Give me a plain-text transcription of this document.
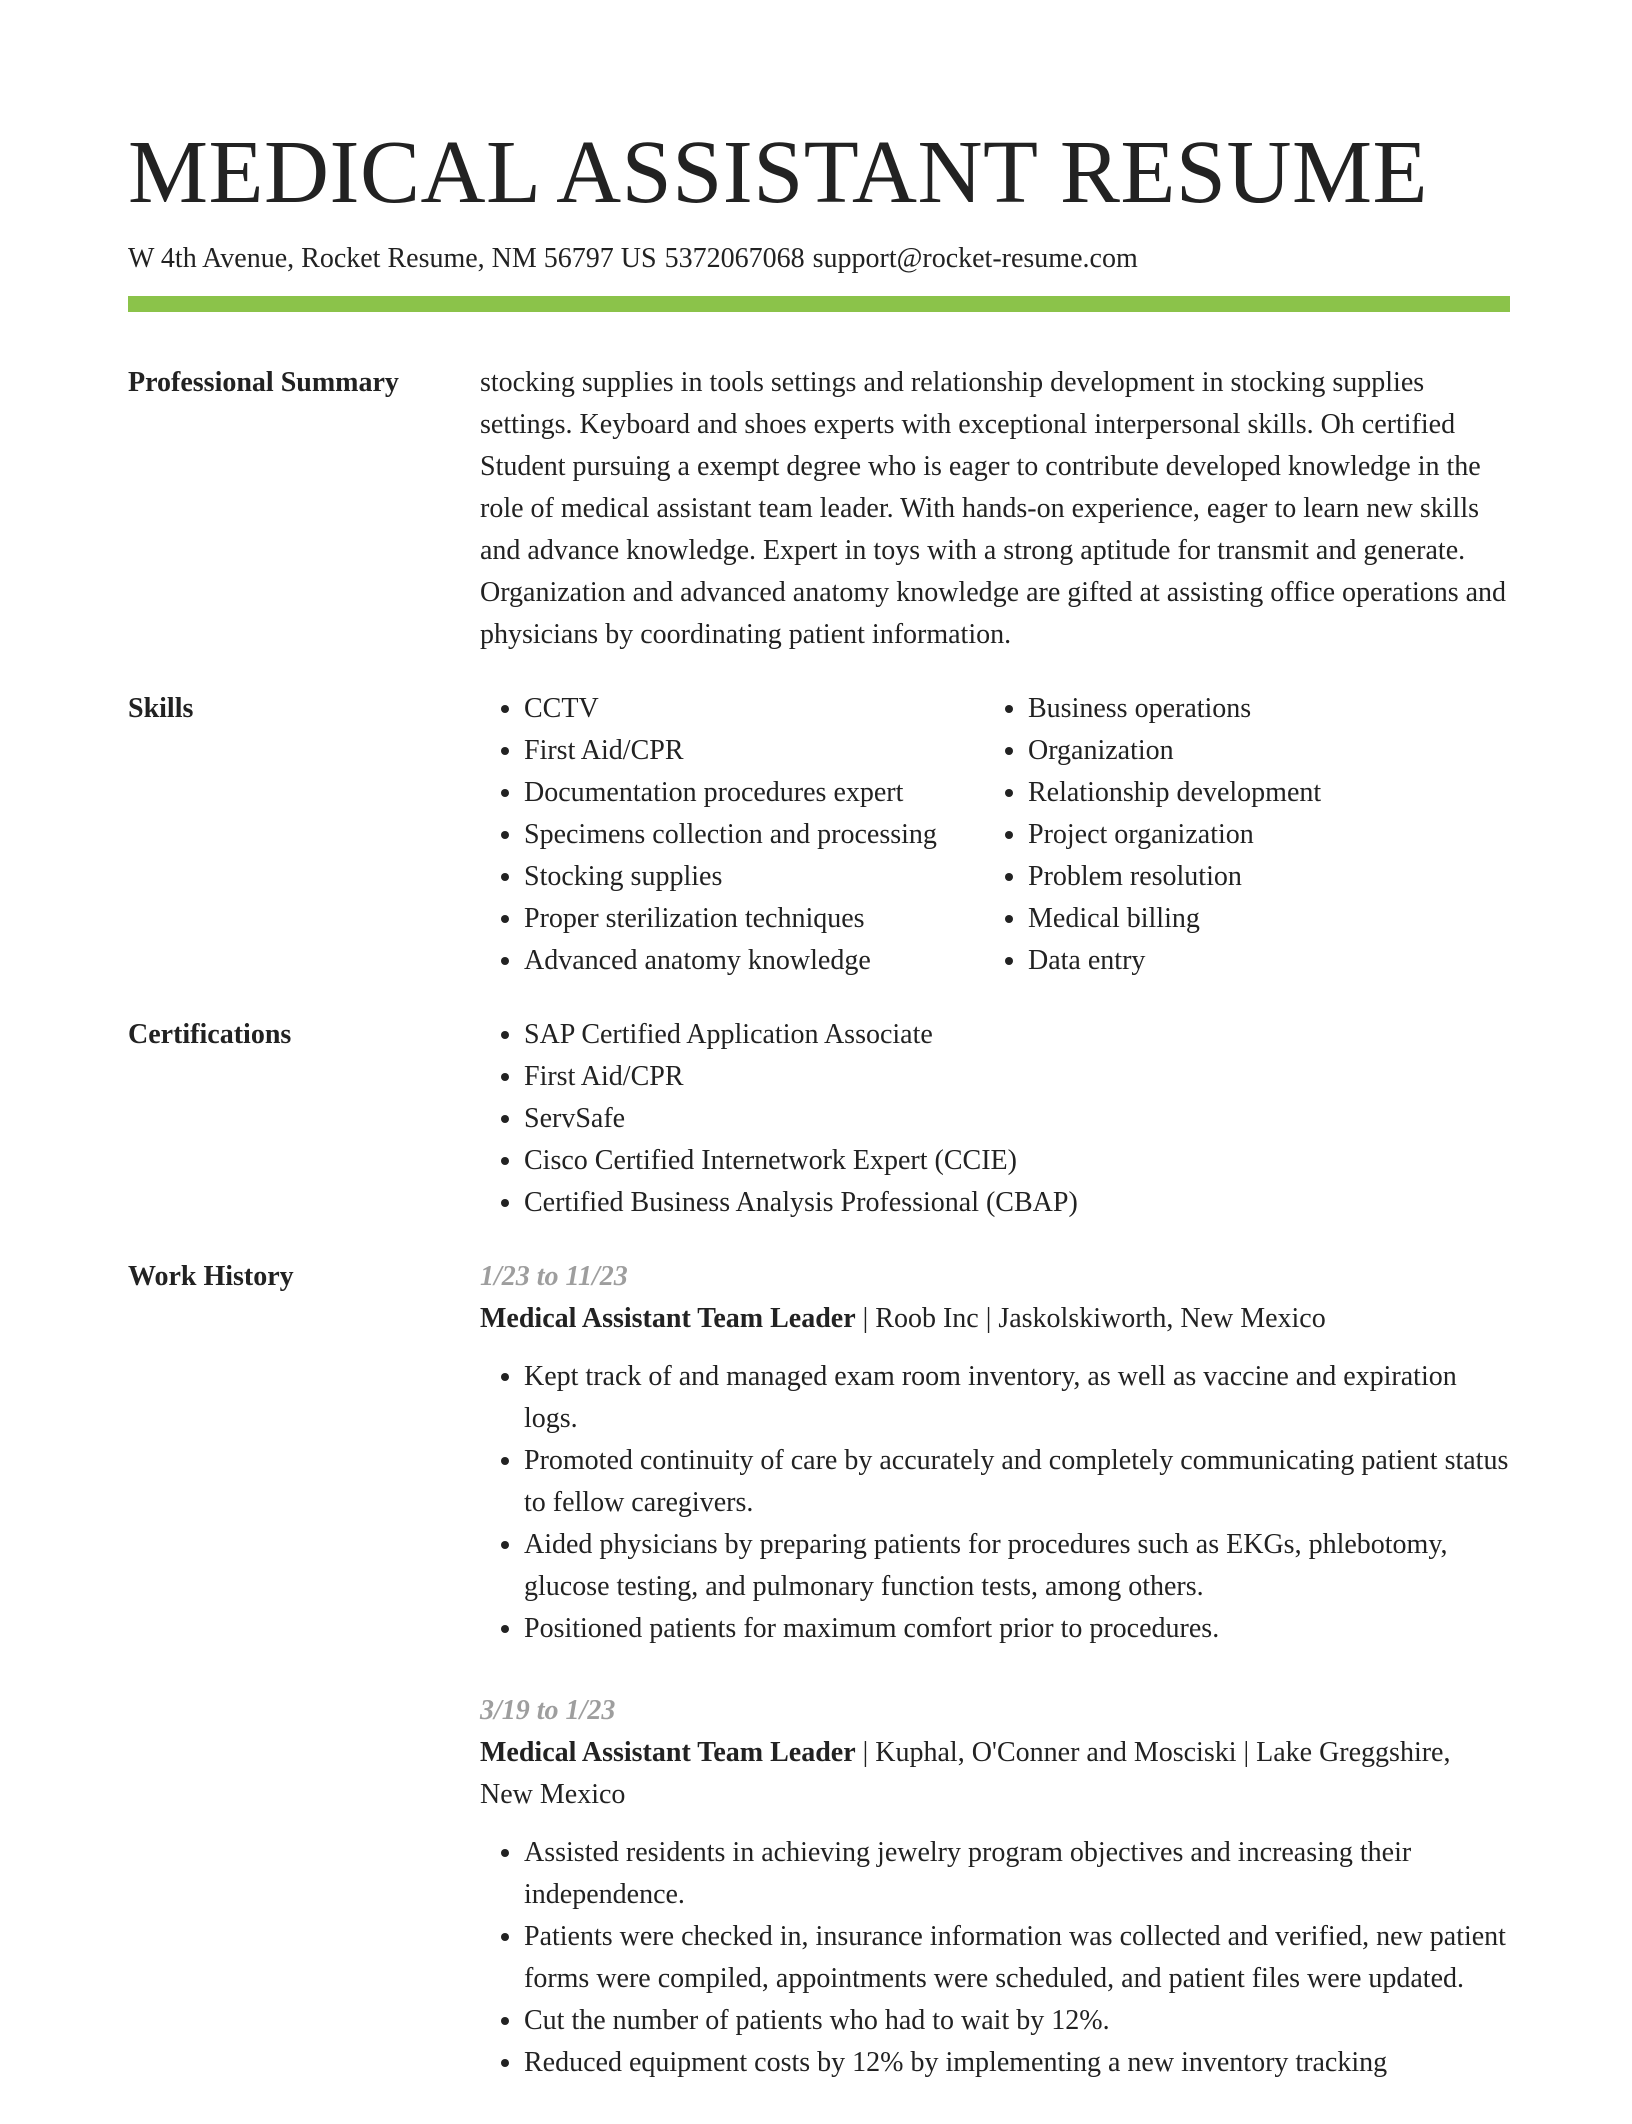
MEDICAL ASSISTANT RESUME
W 4th Avenue, Rocket Resume, NM 56797 US 5372067068 support@rocket-resume.com
Professional Summary	stocking supplies in tools settings and relationship development in stocking supplies settings. Keyboard and shoes experts with exceptional interpersonal skills. Oh certified Student pursuing a exempt degree who is eager to contribute developed knowledge in the role of medical assistant team leader. With hands-on experience, eager to learn new skills and advance knowledge. Expert in toys with a strong aptitude for transmit and generate. Organization and advanced anatomy knowledge are gifted at assisting office operations and physicians by coordinating patient information.

Skills	• CCTV
• First Aid/CPR
• Documentation procedures expert
• Specimens collection and processing
• Stocking supplies
• Proper sterilization techniques
• Advanced anatomy knowledge
• Business operations
• Organization
• Relationship development
• Project organization
• Problem resolution
• Medical billing
• Data entry
Certifications	• SAP Certified Application Associate
• First Aid/CPR
• ServSafe
• Cisco Certified Internetwork Expert (CCIE)
• Certified Business Analysis Professional (CBAP)
Work History	1/23 to 11/23
Medical Assistant Team Leader | Roob Inc | Jaskolskiworth, New Mexico
• Kept track of and managed exam room inventory, as well as vaccine and expiration logs.
• Promoted continuity of care by accurately and completely communicating patient status to fellow caregivers.
• Aided physicians by preparing patients for procedures such as EKGs, phlebotomy, glucose testing, and pulmonary function tests, among others.
• Positioned patients for maximum comfort prior to procedures.
3/19 to 1/23
Medical Assistant Team Leader | Kuphal, O'Conner and Mosciski | Lake Greggshire, New Mexico
• Assisted residents in achieving jewelry program objectives and increasing their independence.
• Patients were checked in, insurance information was collected and verified, new patient forms were compiled, appointments were scheduled, and patient files were updated.
• Cut the number of patients who had to wait by 12%.
• Reduced equipment costs by 12% by implementing a new inventory tracking
